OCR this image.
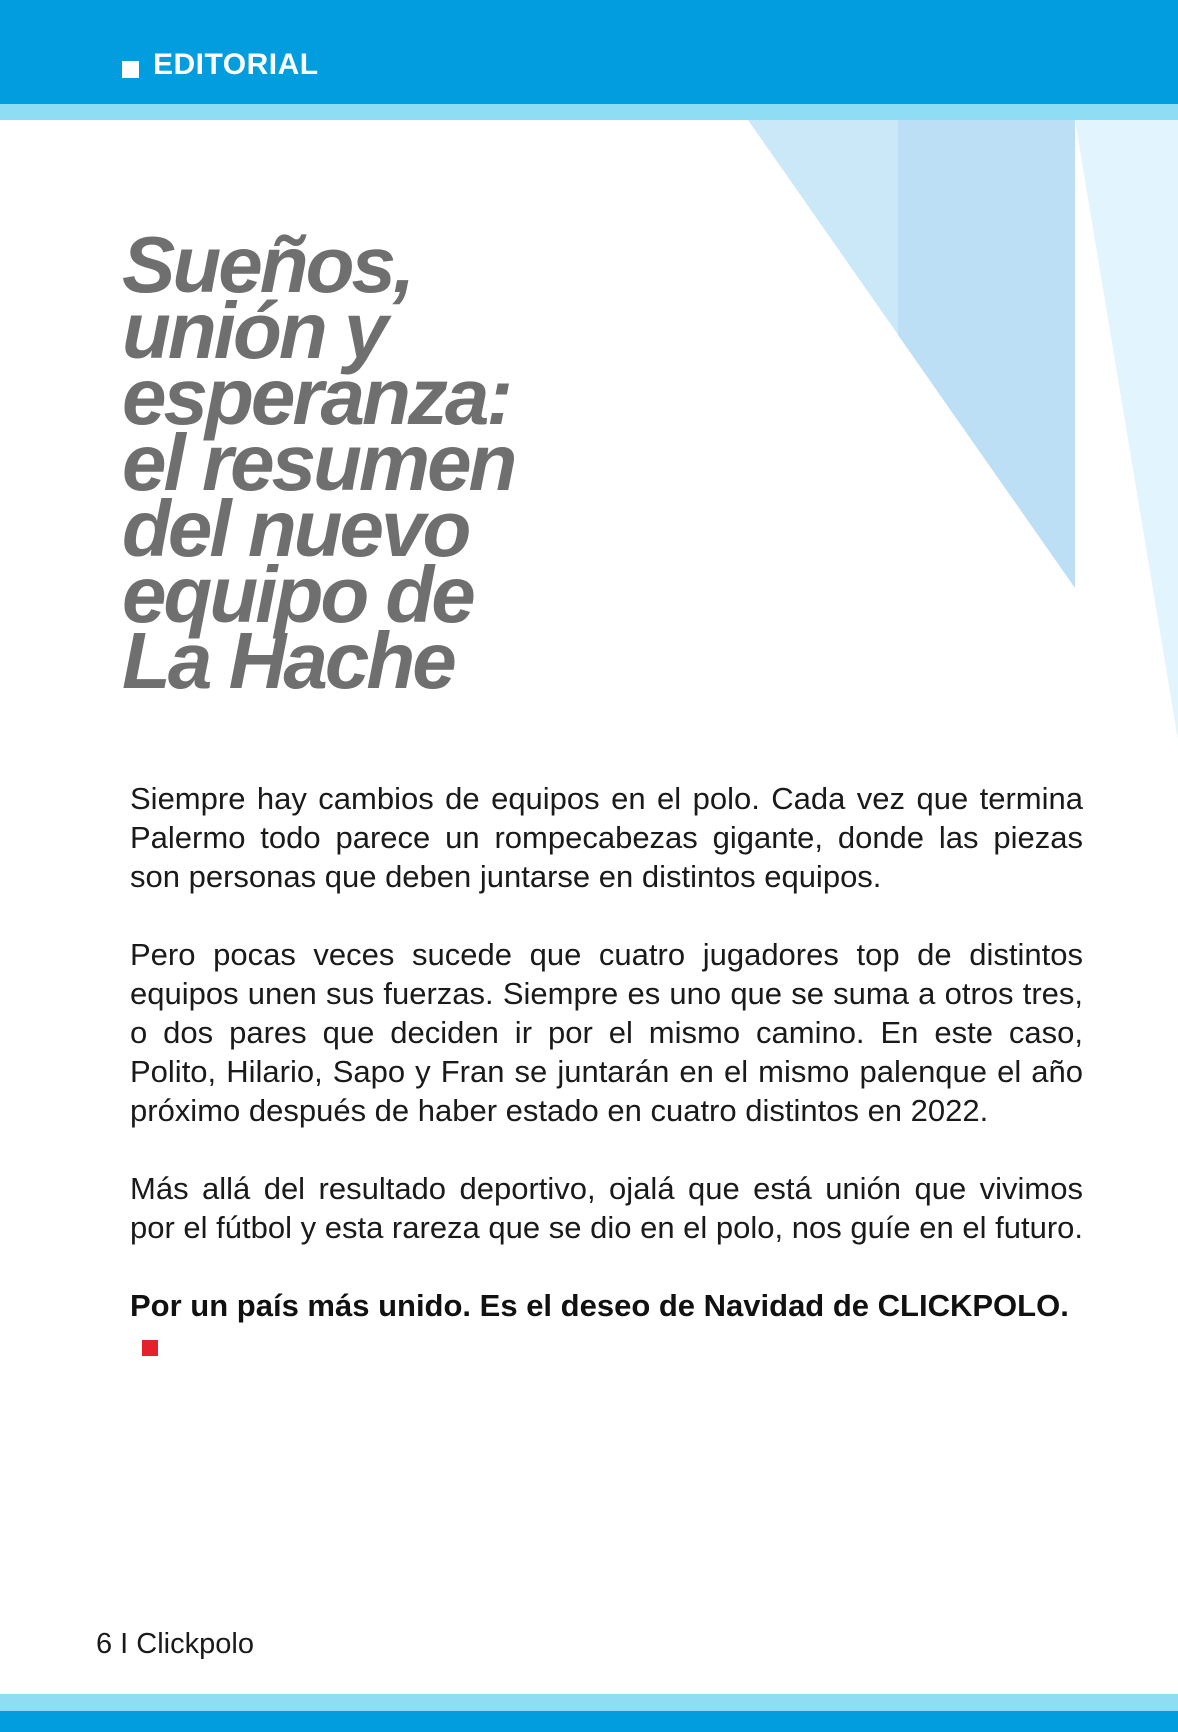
EDITORIAL
Sueños,
unión y
esperanza:
el resumen
del nuevo
equipo de
La Hache

Siempre hay cambios de equipos en el polo. Cada vez que termina Palermo todo parece un rompecabezas gigante, donde las piezas son personas que deben juntarse en distintos equipos.

Pero pocas veces sucede que cuatro jugadores top de distintos equipos unen sus fuerzas. Siempre es uno que se suma a otros tres, o dos pares que deciden ir por el mismo camino. En este caso, Polito, Hilario, Sapo y Fran se juntarán en el mismo palenque el año próximo después de haber estado en cuatro distintos en 2022.

Más allá del resultado deportivo, ojalá que está unión que vivimos por el fútbol y esta rareza que se dio en el polo, nos guíe en el futuro.

Por un país más unido. Es el deseo de Navidad de CLICKPOLO.

6 I Clickpolo
